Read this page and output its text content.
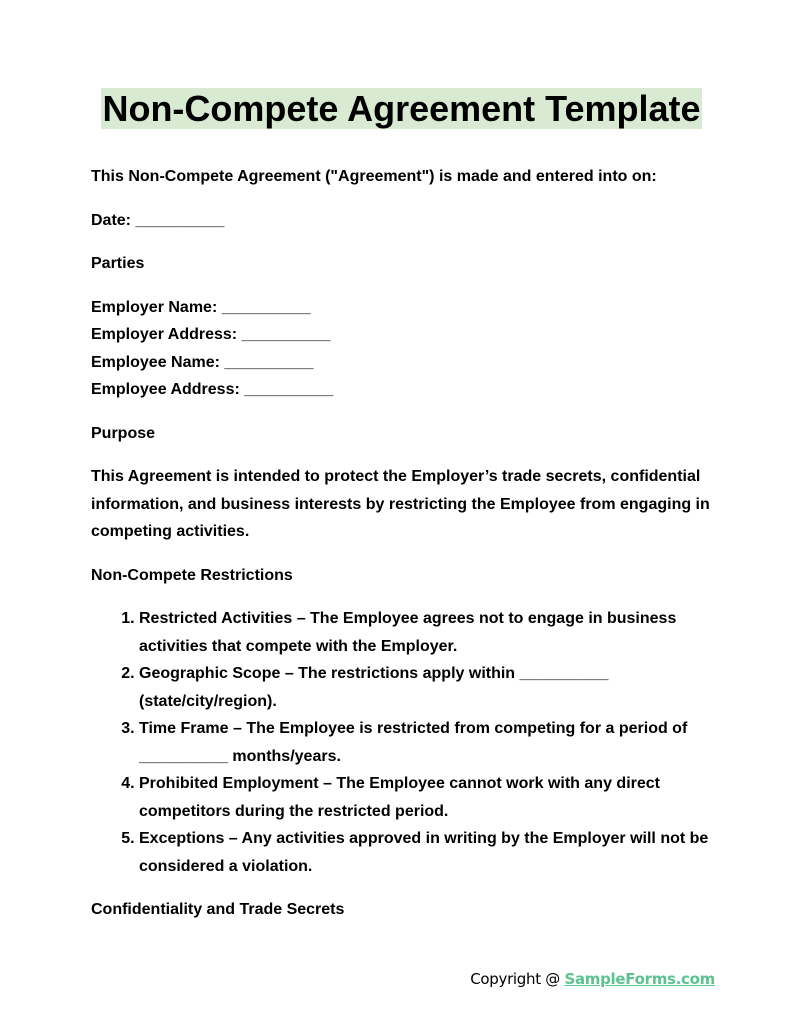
Non-Compete Agreement Template

This Non-Compete Agreement ("Agreement") is made and entered into on:

Date: __________

Parties

Employer Name: __________

Employer Address: __________

Employee Name: __________

Employee Address: __________

Purpose

This Agreement is intended to protect the Employer’s trade secrets, confidential information, and business interests by restricting the Employee from engaging in competing activities.

Non-Compete Restrictions

1. Restricted Activities – The Employee agrees not to engage in business activities that compete with the Employer.
2. Geographic Scope – The restrictions apply within __________ (state/city/region).
3. Time Frame – The Employee is restricted from competing for a period of __________ months/years.
4. Prohibited Employment – The Employee cannot work with any direct competitors during the restricted period.
5. Exceptions – Any activities approved in writing by the Employer will not be considered a violation.

Confidentiality and Trade Secrets

Copyright @ SampleForms.com
